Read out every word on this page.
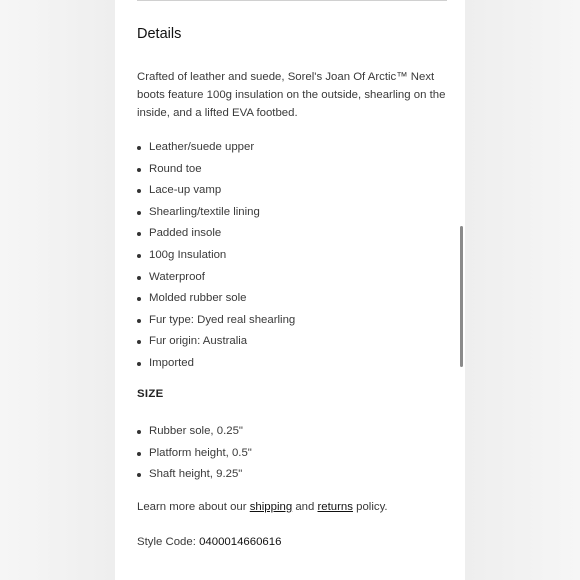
Details

Crafted of leather and suede, Sorel's Joan Of Arctic™ Next boots feature 100g insulation on the outside, shearling on the inside, and a lifted EVA footbed.

Leather/suede upper
Round toe
Lace-up vamp
Shearling/textile lining
Padded insole
100g Insulation
Waterproof
Molded rubber sole
Fur type: Dyed real shearling
Fur origin: Australia
Imported
SIZE
Rubber sole, 0.25"
Platform height, 0.5"
Shaft height, 9.25"

Learn more about our shipping and returns policy.

Style Code: 0400014660616
